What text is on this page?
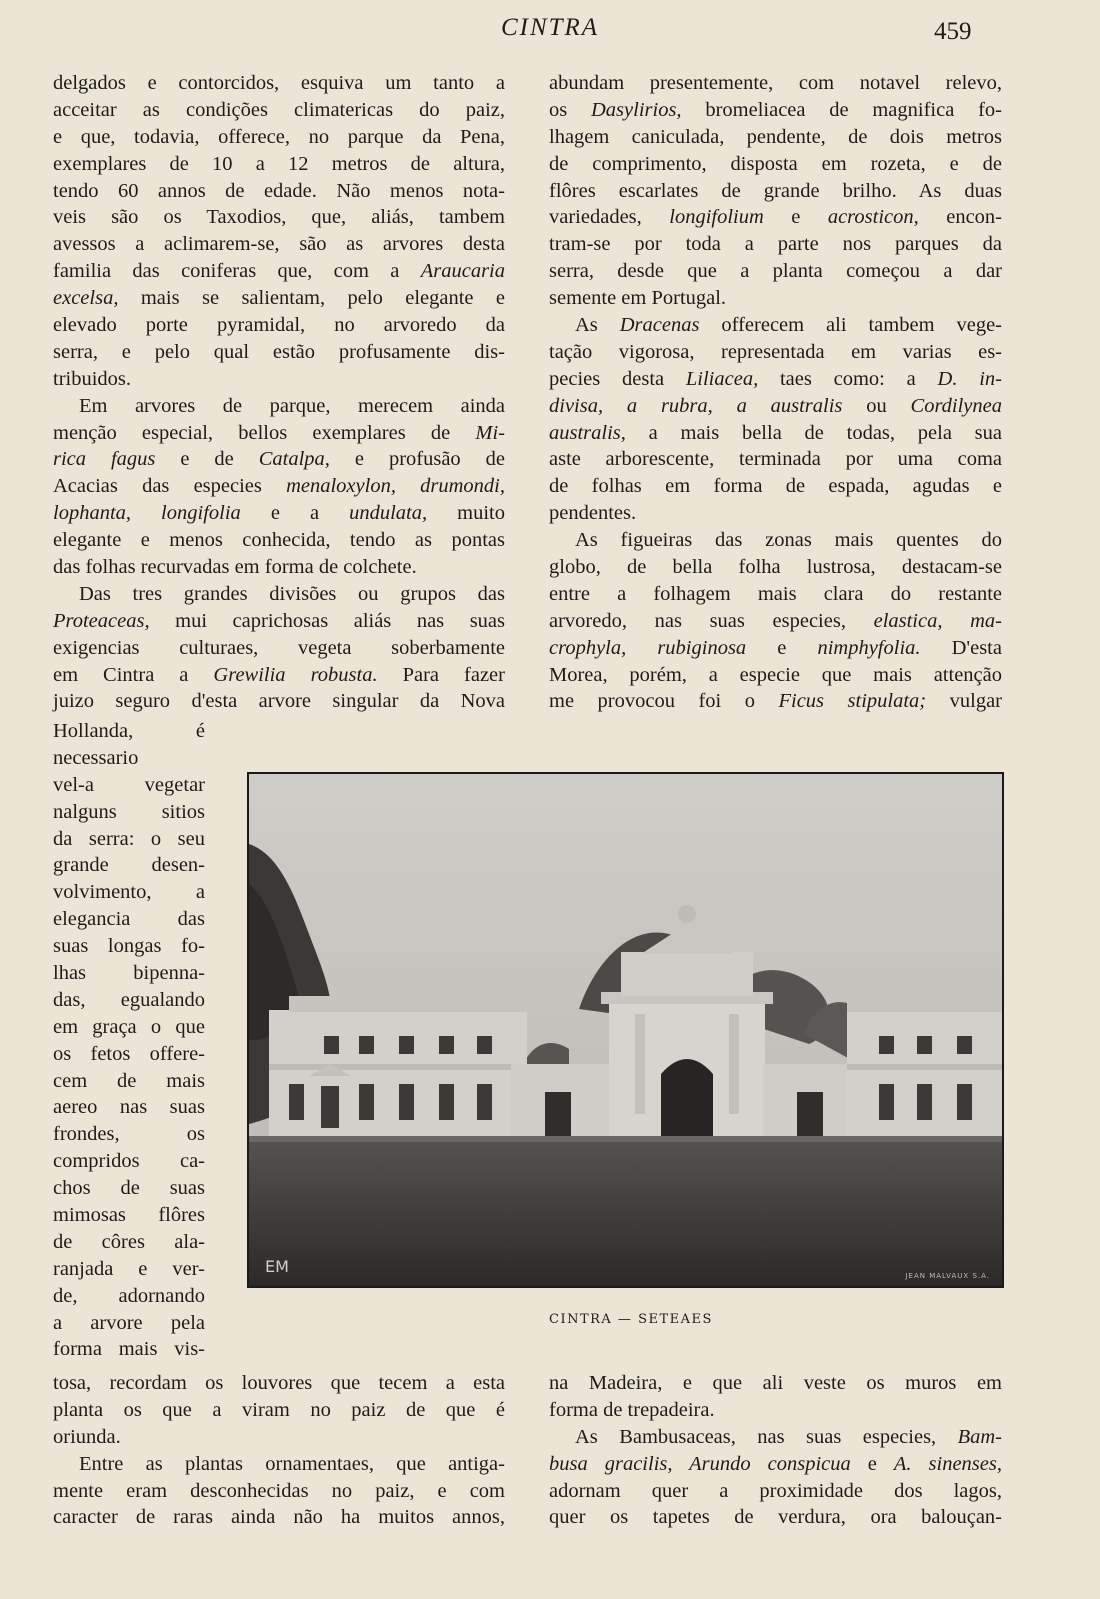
CINTRA	459
delgados e contorcidos, esquiva um tanto a
acceitar as condições climatericas do paiz,
e que, todavia, offerece, no parque da Pena,
exemplares de 10 a 12 metros de altura,
tendo 60 annos de edade. Não menos nota-
veis são os Taxodios, que, aliás, tambem
avessos a aclimarem-se, são as arvores desta
familia das coniferas que, com a Araucaria
excelsa, mais se salientam, pelo elegante e
elevado porte pyramidal, no arvoredo da
serra, e pelo qual estão profusamente dis-
tribuidos.
Em arvores de parque, merecem ainda
menção especial, bellos exemplares de Mi-
rica fagus e de Catalpa, e profusão de
Acacias das especies menaloxylon, drumondi,
lophanta, longifolia e a undulata, muito
elegante e menos conhecida, tendo as pontas
das folhas recurvadas em forma de colchete.
Das tres grandes divisões ou grupos das
Proteaceas, mui caprichosas aliás nas suas
exigencias culturaes, vegeta soberbamente
em Cintra a Grewilia robusta. Para fazer
juizo seguro d'esta arvore singular da Nova
abundam presentemente, com notavel relevo,
os Dasylirios, bromeliacea de magnifica fo-
lhagem caniculada, pendente, de dois metros
de comprimento, disposta em rozeta, e de
flôres escarlates de grande brilho. As duas
variedades, longifolium e acrosticon, encon-
tram-se por toda a parte nos parques da
serra, desde que a planta começou a dar
semente em Portugal.
As Dracenas offerecem ali tambem vege-
tação vigorosa, representada em varias es-
pecies desta Liliacea, taes como: a D. in-
divisa, a rubra, a australis ou Cordilynea
australis, a mais bella de todas, pela sua
aste arborescente, terminada por uma coma
de folhas em forma de espada, agudas e
pendentes.
As figueiras das zonas mais quentes do
globo, de bella folha lustrosa, destacam-se
entre a folhagem mais clara do restante
arvoredo, nas suas especies, elastica, ma-
crophyla, rubiginosa e nimphyfolia. D'esta
Morea, porém, a especie que mais attenção
me provocou foi o Ficus stipulata; vulgar
Hollanda, é
necessario
vel-a vegetar
nalguns sitios
da serra: o seu
grande desen-
volvimento, a
elegancia das
suas longas fo-
lhas bipenna-
das, egualando
em graça o que
os fetos offere-
cem de mais
aereo nas suas
frondes, os
compridos ca-
chos de suas
mimosas flôres
de côres ala-
ranjada e ver-
de, adornando
a arvore pela
forma mais vis-
EM	JEAN MALVAUX S.A.
CINTRA — SETEAES
tosa, recordam os louvores que tecem a esta
planta os que a viram no paiz de que é
oriunda.
Entre as plantas ornamentaes, que antiga-
mente eram desconhecidas no paiz, e com
caracter de raras ainda não ha muitos annos,
na Madeira, e que ali veste os muros em
forma de trepadeira.
As Bambusaceas, nas suas especies, Bam-
busa gracilis, Arundo conspicua e A. sinenses,
adornam quer a proximidade dos lagos,
quer os tapetes de verdura, ora balouçan-
